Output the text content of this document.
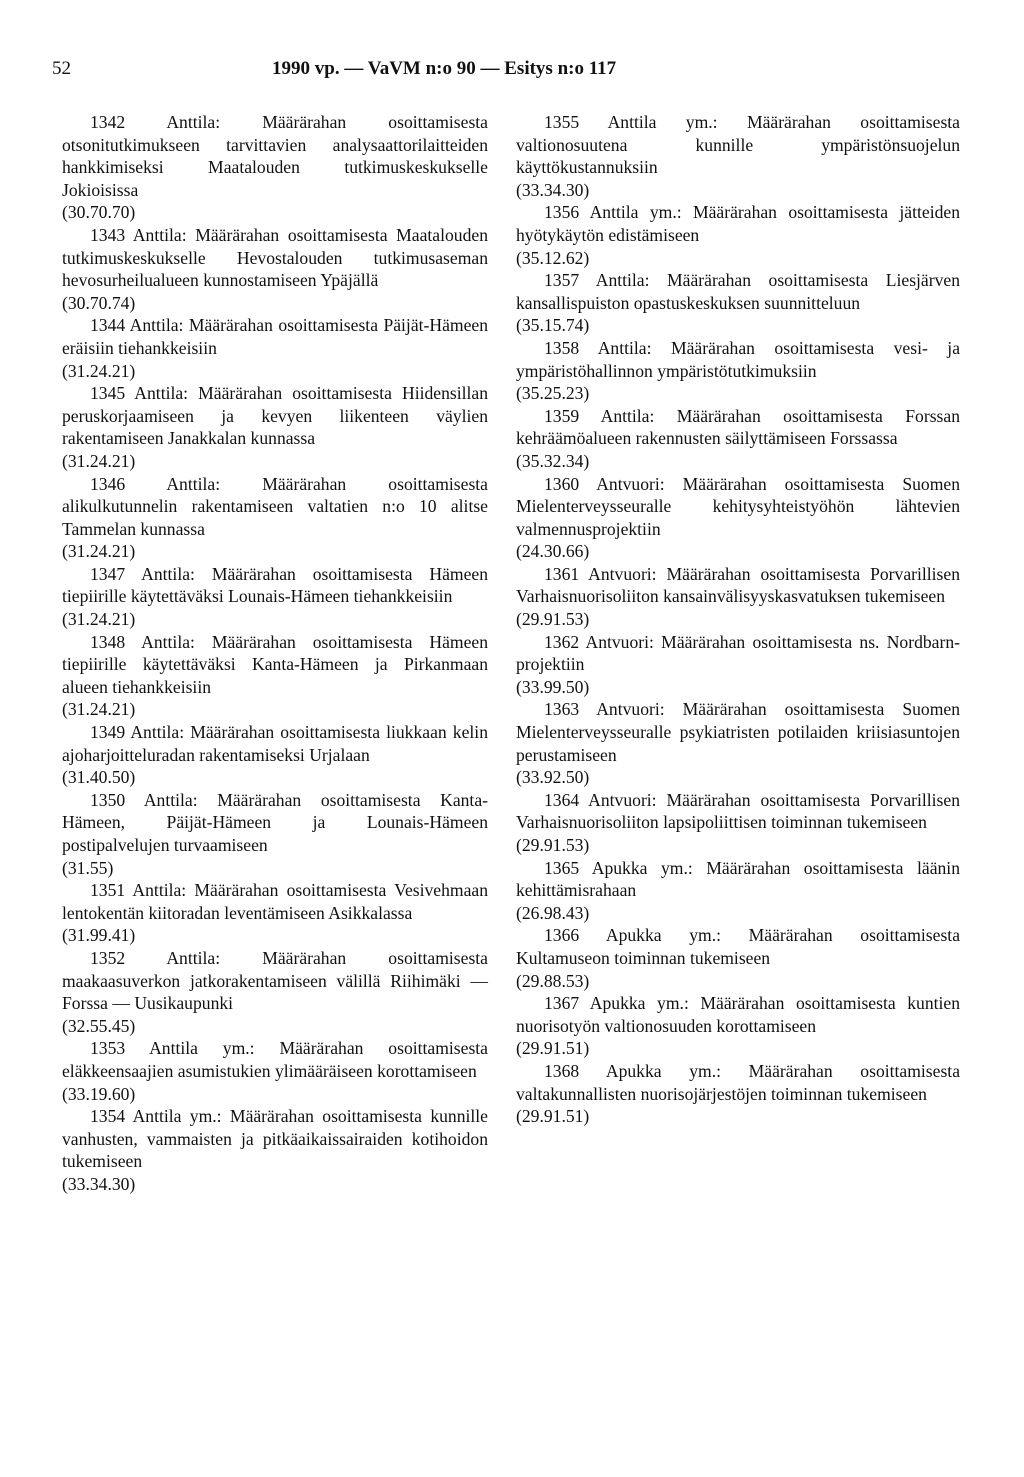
52	1990 vp. — VaVM n:o 90 — Esitys n:o 117
1342 Anttila: Määrärahan osoittamisesta otsonitutkimukseen tarvittavien analysaattorilaitteiden hankkimiseksi Maatalouden tutkimuskeskukselle Jokioisissa
(30.70.70)
1343 Anttila: Määrärahan osoittamisesta Maatalouden tutkimuskeskukselle Hevostalouden tutkimusaseman hevosurheilualueen kunnostamiseen Ypäjällä
(30.70.74)
1344 Anttila: Määrärahan osoittamisesta Päijät-Hämeen eräisiin tiehankkeisiin
(31.24.21)
1345 Anttila: Määrärahan osoittamisesta Hiidensillan peruskorjaamiseen ja kevyen liikenteen väylien rakentamiseen Janakkalan kunnassa
(31.24.21)
1346 Anttila: Määrärahan osoittamisesta alikulkutunnelin rakentamiseen valtatien n:o 10 alitse Tammelan kunnassa
(31.24.21)
1347 Anttila: Määrärahan osoittamisesta Hämeen tiepiirille käytettäväksi Lounais-Hämeen tiehankkeisiin
(31.24.21)
1348 Anttila: Määrärahan osoittamisesta Hämeen tiepiirille käytettäväksi Kanta-Hämeen ja Pirkanmaan alueen tiehankkeisiin
(31.24.21)
1349 Anttila: Määrärahan osoittamisesta liukkaan kelin ajoharjoitteluradan rakentamiseksi Urjalaan
(31.40.50)
1350 Anttila: Määrärahan osoittamisesta Kanta-Hämeen, Päijät-Hämeen ja Lounais-Hämeen postipalvelujen turvaamiseen
(31.55)
1351 Anttila: Määrärahan osoittamisesta Vesivehmaan lentokentän kiitoradan leventämiseen Asikkalassa
(31.99.41)
1352 Anttila: Määrärahan osoittamisesta maakaasuverkon jatkorakentamiseen välillä Riihimäki — Forssa — Uusikaupunki
(32.55.45)
1353 Anttila ym.: Määrärahan osoittamisesta eläkkeensaajien asumistukien ylimääräiseen korottamiseen
(33.19.60)
1354 Anttila ym.: Määrärahan osoittamisesta kunnille vanhusten, vammaisten ja pitkäaikaissairaiden kotihoidon tukemiseen
(33.34.30)
1355 Anttila ym.: Määrärahan osoittamisesta valtionosuutena kunnille ympäristönsuojelun käyttökustannuksiin
(33.34.30)
1356 Anttila ym.: Määrärahan osoittamisesta jätteiden hyötykäytön edistämiseen
(35.12.62)
1357 Anttila: Määrärahan osoittamisesta Liesjärven kansallispuiston opastuskeskuksen suunnitteluun
(35.15.74)
1358 Anttila: Määrärahan osoittamisesta vesi- ja ympäristöhallinnon ympäristötutkimuksiin
(35.25.23)
1359 Anttila: Määrärahan osoittamisesta Forssan kehräämöalueen rakennusten säilyttämiseen Forssassa
(35.32.34)
1360 Antvuori: Määrärahan osoittamisesta Suomen Mielenterveysseuralle kehitysyhteistyöhön lähtevien valmennusprojektiin
(24.30.66)
1361 Antvuori: Määrärahan osoittamisesta Porvarillisen Varhaisnuorisoliiton kansainvälisyyskasvatuksen tukemiseen
(29.91.53)
1362 Antvuori: Määrärahan osoittamisesta ns. Nordbarn-projektiin
(33.99.50)
1363 Antvuori: Määrärahan osoittamisesta Suomen Mielenterveysseuralle psykiatristen potilaiden kriisiasuntojen perustamiseen
(33.92.50)
1364 Antvuori: Määrärahan osoittamisesta Porvarillisen Varhaisnuorisoliiton lapsipoliittisen toiminnan tukemiseen
(29.91.53)
1365 Apukka ym.: Määrärahan osoittamisesta läänin kehittämisrahaan
(26.98.43)
1366 Apukka ym.: Määrärahan osoittamisesta Kultamuseon toiminnan tukemiseen
(29.88.53)
1367 Apukka ym.: Määrärahan osoittamisesta kuntien nuorisotyön valtionosuuden korottamiseen
(29.91.51)
1368 Apukka ym.: Määrärahan osoittamisesta valtakunnallisten nuorisojärjestöjen toiminnan tukemiseen
(29.91.51)
